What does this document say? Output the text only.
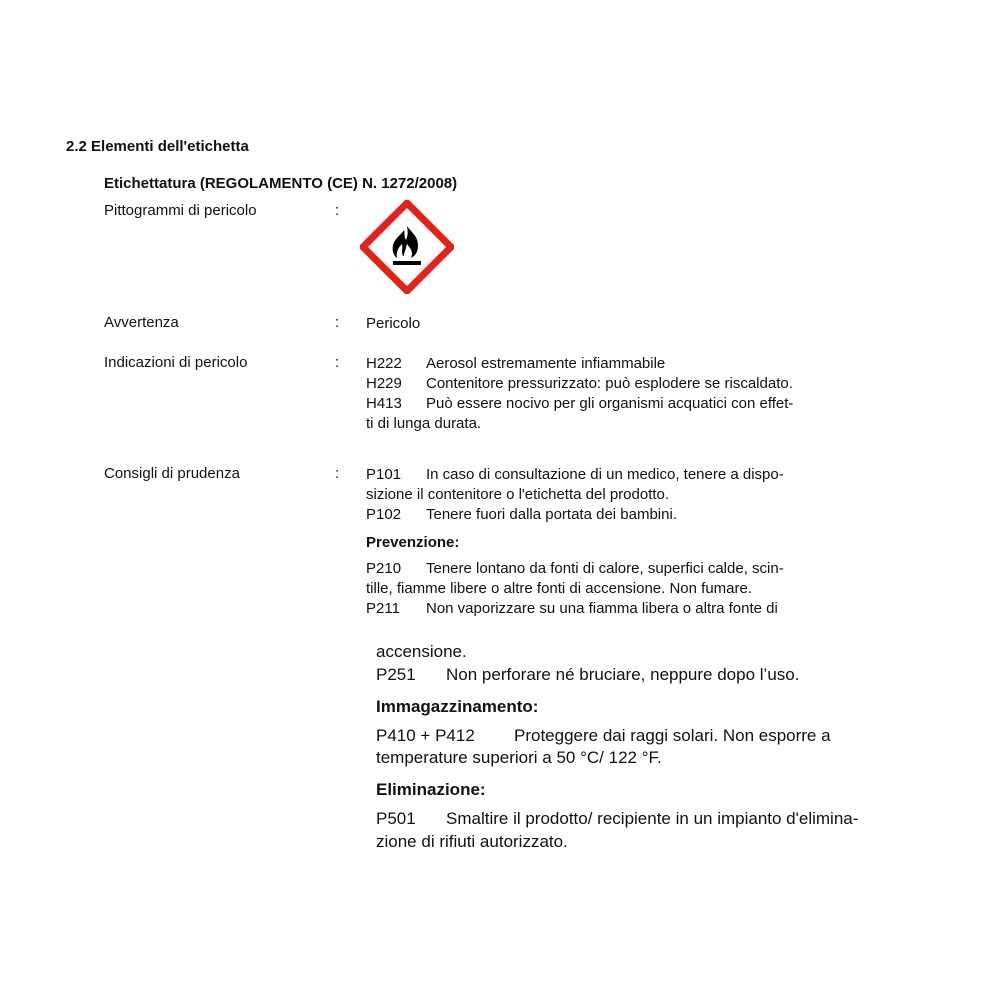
2.2 Elementi dell'etichetta
Etichettatura (REGOLAMENTO (CE) N. 1272/2008)
Pittogrammi di pericolo	:
Avvertenza	: Pericolo
Indicazioni di pericolo	: H222 Aerosol estremamente infiammabile
H229 Contenitore pressurizzato: può esplodere se riscaldato.
H413 Può essere nocivo per gli organismi acquatici con effet-
ti di lunga durata.
Consigli di prudenza	: P101 In caso di consultazione di un medico, tenere a dispo-
sizione il contenitore o l'etichetta del prodotto.
P102 Tenere fuori dalla portata dei bambini.
Prevenzione:
P210 Tenere lontano da fonti di calore, superfici calde, scin-
tille, fiamme libere o altre fonti di accensione. Non fumare.
P211 Non vaporizzare su una fiamma libera o altra fonte di
accensione.
P251 Non perforare né bruciare, neppure dopo l’uso.
Immagazzinamento:
P410 + P412 Proteggere dai raggi solari. Non esporre a
temperature superiori a 50 °C/ 122 °F.
Eliminazione:
P501 Smaltire il prodotto/ recipiente in un impianto d'elimina-
zione di rifiuti autorizzato.
